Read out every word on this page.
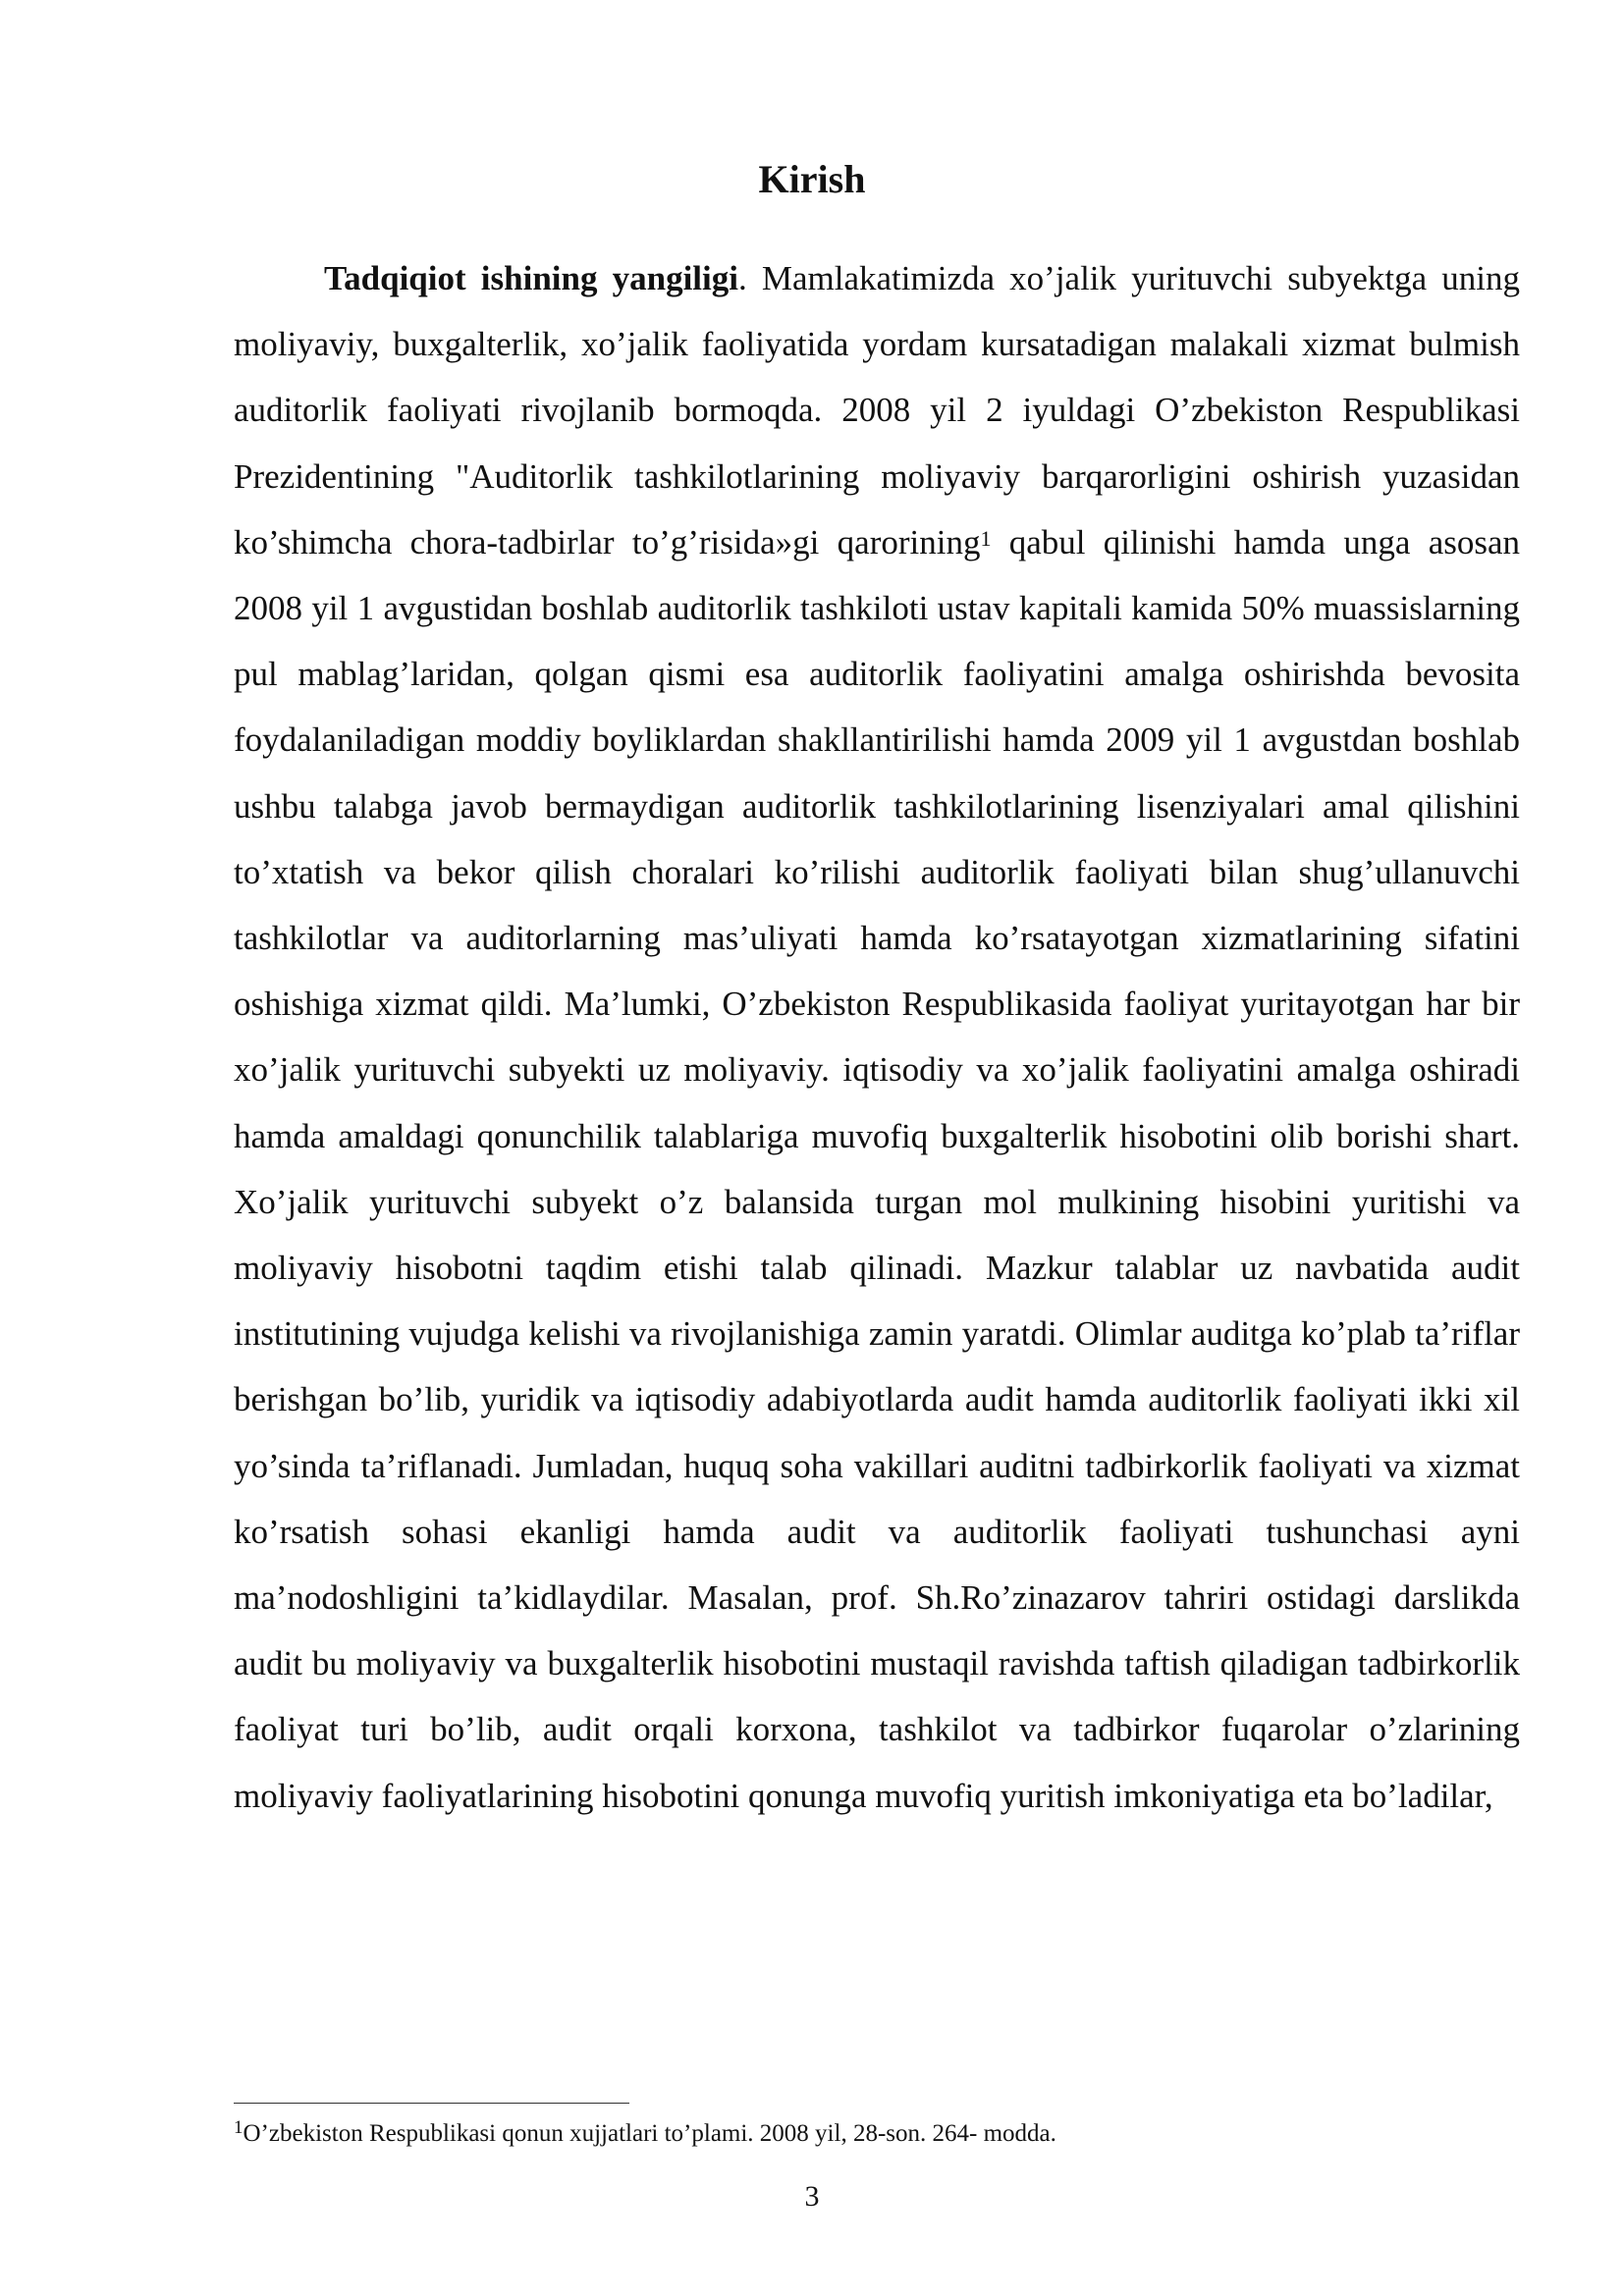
Kirish

Tadqiqiot ishining yangiligi. Mamlakatimizda xo’jalik yurituvchi subyektga uning moliyaviy, buxgalterlik, xo’jalik faoliyatida yordam kursatadigan malakali xizmat bulmish auditorlik faoliyati rivojlanib bormoqda. 2008 yil 2 iyuldagi O’zbekiston Respublikasi Prezidentining "Auditorlik tashkilotlarining moliyaviy barqarorligini oshirish yuzasidan ko’shimcha chora-tadbirlar to’g’risida»gi qarorining$^1$ qabul qilinishi hamda unga asosan 2008 yil 1 avgustidan boshlab auditorlik tashkiloti ustav kapitali kamida 50% muassislarning pul mablag’laridan, qolgan qismi esa auditorlik faoliyatini amalga oshirishda bevosita foydalaniladigan moddiy boyliklardan shakllantirilishi hamda 2009 yil 1 avgustdan boshlab ushbu talabga javob bermaydigan auditorlik tashkilotlarining lisenziyalari amal qilishini to’xtatish va bekor qilish choralari ko’rilishi auditorlik faoliyati bilan shug’ullanuvchi tashkilotlar va auditorlarning mas’uliyati hamda ko’rsatayotgan xizmatlarining sifatini oshishiga xizmat qildi. Ma’lumki, O’zbekiston Respublikasida faoliyat yuritayotgan har bir xo’jalik yurituvchi subyekti uz moliyaviy. iqtisodiy va xo’jalik faoliyatini amalga oshiradi hamda amaldagi qonunchilik talablariga muvofiq buxgalterlik hisobotini olib borishi shart. Xo’jalik yurituvchi subyekt o’z balansida turgan mol mulkining hisobini yuritishi va moliyaviy hisobotni taqdim etishi talab qilinadi. Mazkur talablar uz navbatida audit institutining vujudga kelishi va rivojlanishiga zamin yaratdi. Olimlar auditga ko’plab ta’riflar berishgan bo’lib, yuridik va iqtisodiy adabiyotlarda audit hamda auditorlik faoliyati ikki xil yo’sinda ta’riflanadi. Jumladan, huquq soha vakillari auditni tadbirkorlik faoliyati va xizmat ko’rsatish sohasi ekanligi hamda audit va auditorlik faoliyati tushunchasi ayni ma’nodoshligini ta’kidlaydilar. Masalan, prof. Sh.Ro’zinazarov tahriri ostidagi darslikda audit bu moliyaviy va buxgalterlik hisobotini mustaqil ravishda taftish qiladigan tadbirkorlik faoliyat turi bo’lib, audit orqali korxona, tashkilot va tadbirkor fuqarolar o’zlarining moliyaviy faoliyatlarining hisobotini qonunga muvofiq yuritish imkoniyatiga eta bo’ladilar,

$^1$O’zbekiston Respublikasi qonun xujjatlari to’plami. 2008 yil, 28-son. 264- modda.

3
